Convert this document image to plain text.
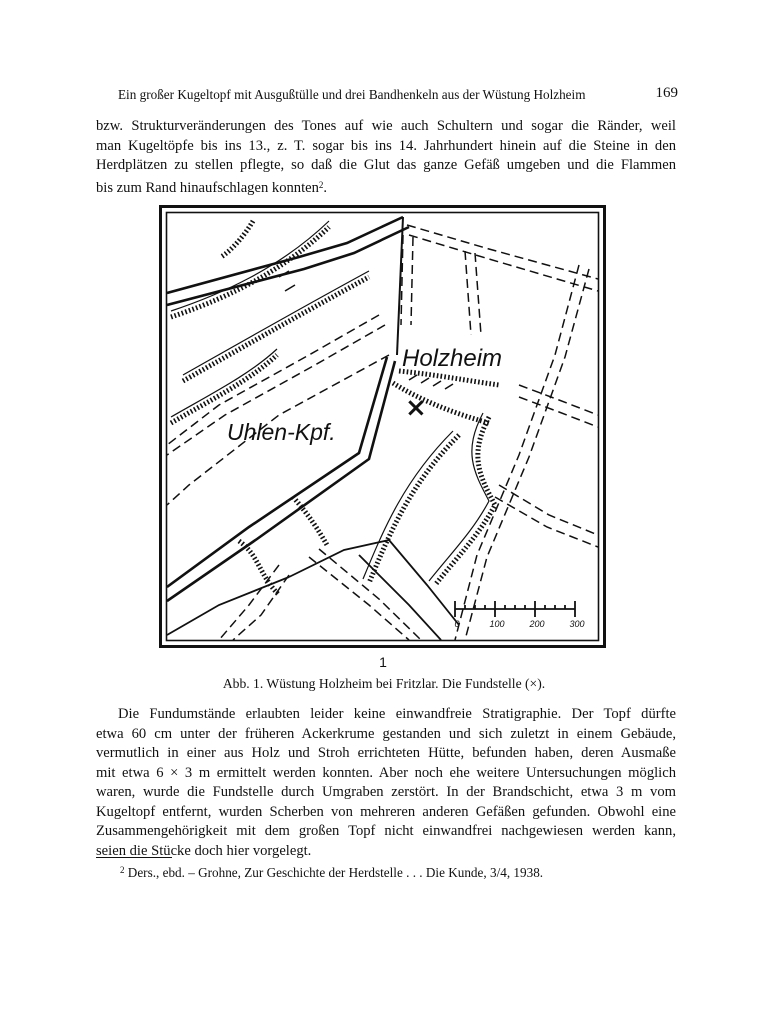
Ein großer Kugeltopf mit Ausgußtülle und drei Bandhenkeln aus der Wüstung Holzheim	169
bzw. Strukturveränderungen des Tones auf wie auch Schultern und sogar die Ränder, weil
man Kugeltöpfe bis ins 13., z. T. sogar bis ins 14. Jahrhundert hinein auf die Steine in den
Herdplätzen zu stellen pflegte, so daß die Glut das ganze Gefäß umgeben und die Flammen
bis zum Rand hinaufschlagen konnten$^2$.
Holzheim
Uhlen-Kpf.
×
0	100	200	300
1
Abb. 1. Wüstung Holzheim bei Fritzlar. Die Fundstelle (×).
Die Fundumstände erlaubten leider keine einwandfreie Stratigraphie. Der Topf dürfte
etwa 60 cm unter der früheren Ackerkrume gestanden und sich zuletzt in einem Gebäude,
vermutlich in einer aus Holz und Stroh errichteten Hütte, befunden haben, deren Ausmaße
mit etwa 6 × 3 m ermittelt werden konnten. Aber noch ehe weitere Untersuchungen möglich
waren, wurde die Fundstelle durch Umgraben zerstört. In der Brandschicht, etwa 3 m vom
Kugeltopf entfernt, wurden Scherben von mehreren anderen Gefäßen gefunden. Obwohl eine
Zusammengehörigkeit mit dem großen Topf nicht einwandfrei nachgewiesen werden kann,
seien die Stücke doch hier vorgelegt.
$^2$ Ders., ebd. – Grohne, Zur Geschichte der Herdstelle . . . Die Kunde, 3/4, 1938.
